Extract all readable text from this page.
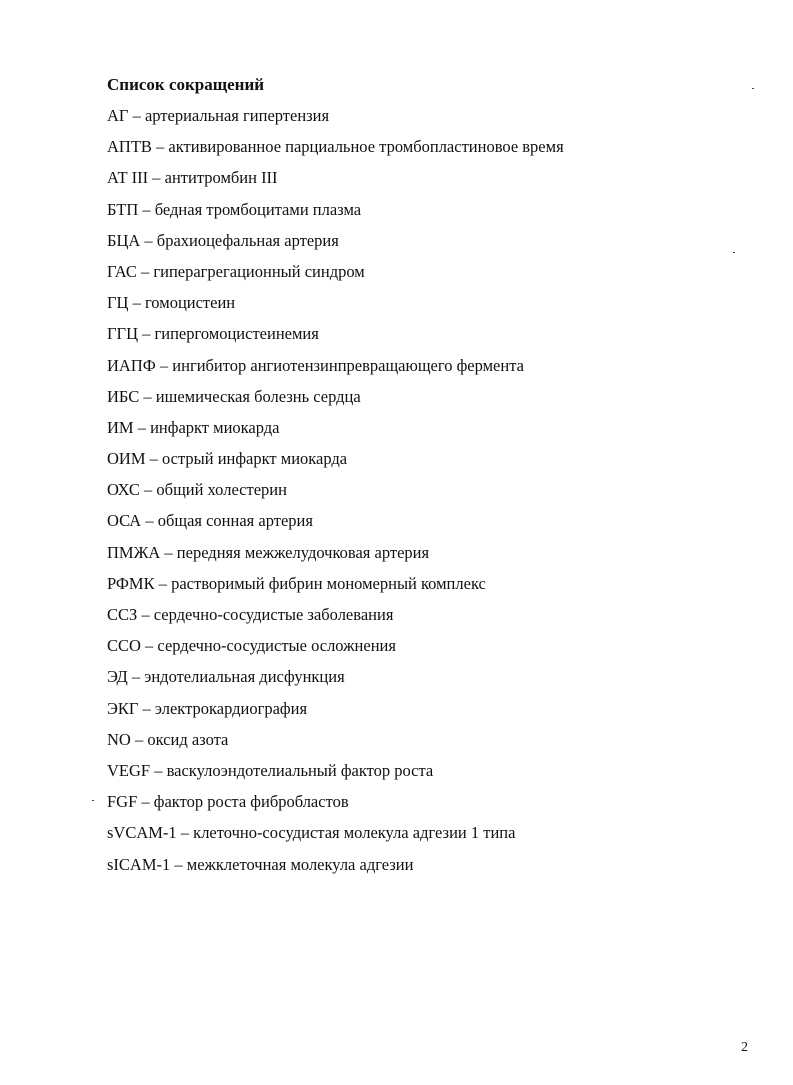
Список сокращений
АГ – артериальная гипертензия
АПТВ – активированное парциальное тромбопластиновое время
АТ III – антитромбин III
БТП – бедная тромбоцитами плазма
БЦА – брахиоцефальная артерия
ГАС – гиперагрегационный синдром
ГЦ – гомоцистеин
ГГЦ – гипергомоцистеинемия
ИАПФ – ингибитор ангиотензинпревращающего фермента
ИБС – ишемическая болезнь сердца
ИМ – инфаркт миокарда
ОИМ – острый инфаркт миокарда
ОХС – общий холестерин
ОСА – общая сонная артерия
ПМЖА – передняя межжелудочковая артерия
РФМК – растворимый фибрин мономерный комплекс
ССЗ – сердечно-сосудистые заболевания
ССО – сердечно-сосудистые осложнения
ЭД – эндотелиальная дисфункция
ЭКГ – электрокардиография
NO – оксид азота
VEGF – васкулоэндотелиальный фактор роста
FGF – фактор роста фибробластов
sVCAM-1 – клеточно-сосудистая молекула адгезии 1 типа
sICAM-1 – межклеточная молекула адгезии
2
